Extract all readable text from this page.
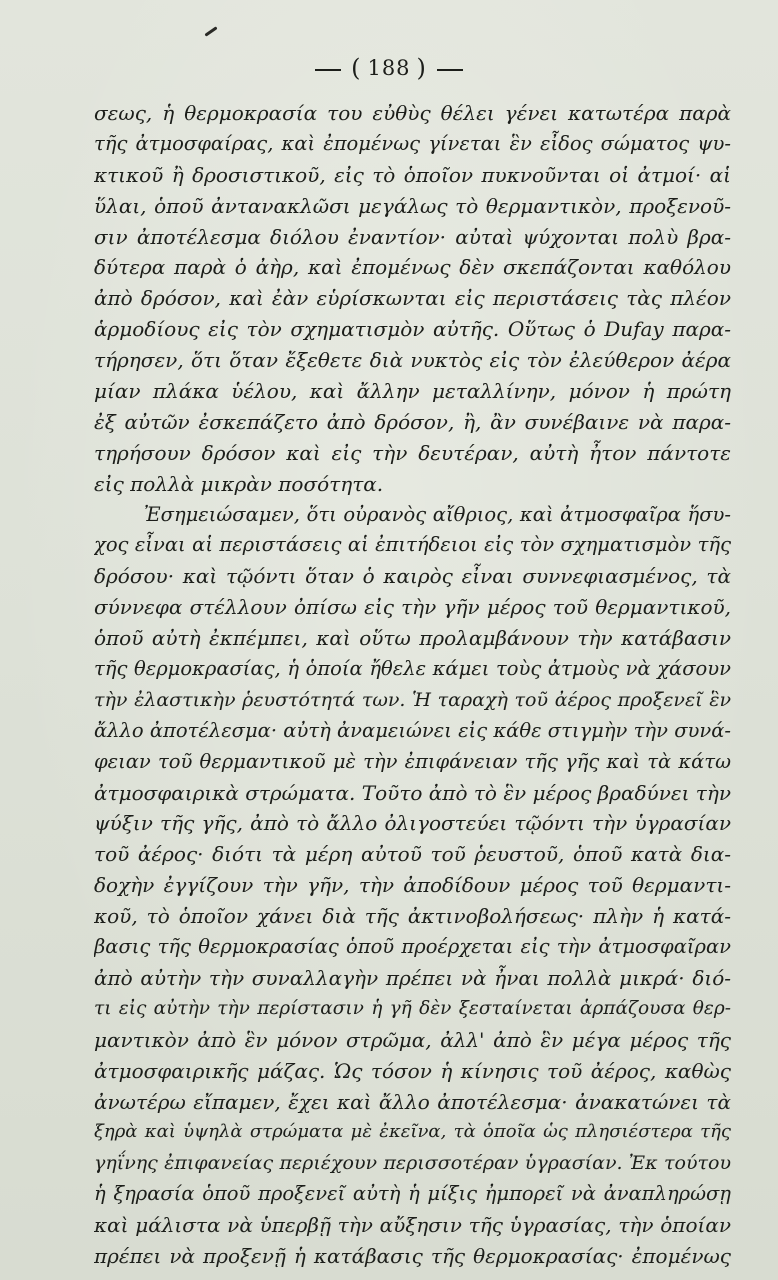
( 188 )
σεως, ἡ θερμοκρασία του εὐθὺς θέλει γένει κατωτέρα παρὰ
τῆς ἀτμοσφαίρας, καὶ ἐπομένως γίνεται ἓν εἶδος σώματος ψυ-
κτικοῦ ἢ δροσιστικοῦ, εἰς τὸ ὁποῖον πυκνοῦνται οἱ ἀτμοί· αἱ
ὕλαι, ὁποῦ ἀντανακλῶσι μεγάλως τὸ θερμαντικὸν, προξενοῦ-
σιν ἀποτέλεσμα διόλου ἐναντίον· αὐταὶ ψύχονται πολὺ βρα-
δύτερα παρὰ ὁ ἀὴρ, καὶ ἐπομένως δὲν σκεπάζονται καθόλου
ἀπὸ δρόσον, καὶ ἐὰν εὑρίσκωνται εἰς περιστάσεις τὰς πλέον
ἁρμοδίους εἰς τὸν σχηματισμὸν αὐτῆς. Οὕτως ὁ Dufay παρα-
τήρησεν, ὅτι ὅταν ἔξεθετε διὰ νυκτὸς εἰς τὸν ἐλεύθερον ἀέρα
μίαν πλάκα ὑέλου, καὶ ἄλλην μεταλλίνην, μόνον ἡ πρώτη
ἐξ αὐτῶν ἐσκεπάζετο ἀπὸ δρόσον, ἢ, ἂν συνέβαινε νὰ παρα-
τηρήσουν δρόσον καὶ εἰς τὴν δευτέραν, αὐτὴ ἦτον πάντοτε
εἰς πολλὰ μικρὰν ποσότητα.
Ἐσημειώσαμεν, ὅτι οὐρανὸς αἴθριος, καὶ ἀτμοσφαῖρα ἥσυ-
χος εἶναι αἱ περιστάσεις αἱ ἐπιτήδειοι εἰς τὸν σχηματισμὸν τῆς
δρόσου· καὶ τῷόντι ὅταν ὁ καιρὸς εἶναι συννεφιασμένος, τὰ
σύννεφα στέλλουν ὀπίσω εἰς τὴν γῆν μέρος τοῦ θερμαντικοῦ,
ὁποῦ αὐτὴ ἐκπέμπει, καὶ οὕτω προλαμβάνουν τὴν κατάβασιν
τῆς θερμοκρασίας, ἡ ὁποία ἤθελε κάμει τοὺς ἀτμοὺς νὰ χάσουν
τὴν ἐλαστικὴν ῥευστότητά των. Ἡ ταραχὴ τοῦ ἀέρος προξενεῖ ἓν
ἄλλο ἀποτέλεσμα· αὐτὴ ἀναμειώνει εἰς κάθε στιγμὴν τὴν συνά-
φειαν τοῦ θερμαντικοῦ μὲ τὴν ἐπιφάνειαν τῆς γῆς καὶ τὰ κάτω
ἀτμοσφαιρικὰ στρώματα. Τοῦτο ἀπὸ τὸ ἓν μέρος βραδύνει τὴν
ψύξιν τῆς γῆς, ἀπὸ τὸ ἄλλο ὀλιγοστεύει τῷόντι τὴν ὑγρασίαν
τοῦ ἀέρος· διότι τὰ μέρη αὐτοῦ τοῦ ῥευστοῦ, ὁποῦ κατὰ δια-
δοχὴν ἐγγίζουν τὴν γῆν, τὴν ἀποδίδουν μέρος τοῦ θερμαντι-
κοῦ, τὸ ὁποῖον χάνει διὰ τῆς ἀκτινοβολήσεως· πλὴν ἡ κατά-
βασις τῆς θερμοκρασίας ὁποῦ προέρχεται εἰς τὴν ἀτμοσφαῖραν
ἀπὸ αὐτὴν τὴν συναλλαγὴν πρέπει νὰ ἦναι πολλὰ μικρά· διό-
τι εἰς αὐτὴν τὴν περίστασιν ἡ γῆ δὲν ξεσταίνεται ἁρπάζουσα θερ-
μαντικὸν ἀπὸ ἓν μόνον στρῶμα, ἀλλ' ἀπὸ ἓν μέγα μέρος τῆς
ἀτμοσφαιρικῆς μάζας. Ὡς τόσον ἡ κίνησις τοῦ ἀέρος, καθὼς
ἀνωτέρω εἴπαμεν, ἔχει καὶ ἄλλο ἀποτέλεσμα· ἀνακατώνει τὰ
ξηρὰ καὶ ὑψηλὰ στρώματα μὲ ἐκεῖνα, τὰ ὁποῖα ὡς πλησιέστερα τῆς
γηΐνης ἐπιφανείας περιέχουν περισσοτέραν ὑγρασίαν. Ἐκ τούτου
ἡ ξηρασία ὁποῦ προξενεῖ αὐτὴ ἡ μίξις ἠμπορεῖ νὰ ἀναπληρώσῃ
καὶ μάλιστα νὰ ὑπερβῇ τὴν αὔξησιν τῆς ὑγρασίας, τὴν ὁποίαν
πρέπει νὰ προξενῇ ἡ κατάβασις τῆς θερμοκρασίας· ἐπομένως
